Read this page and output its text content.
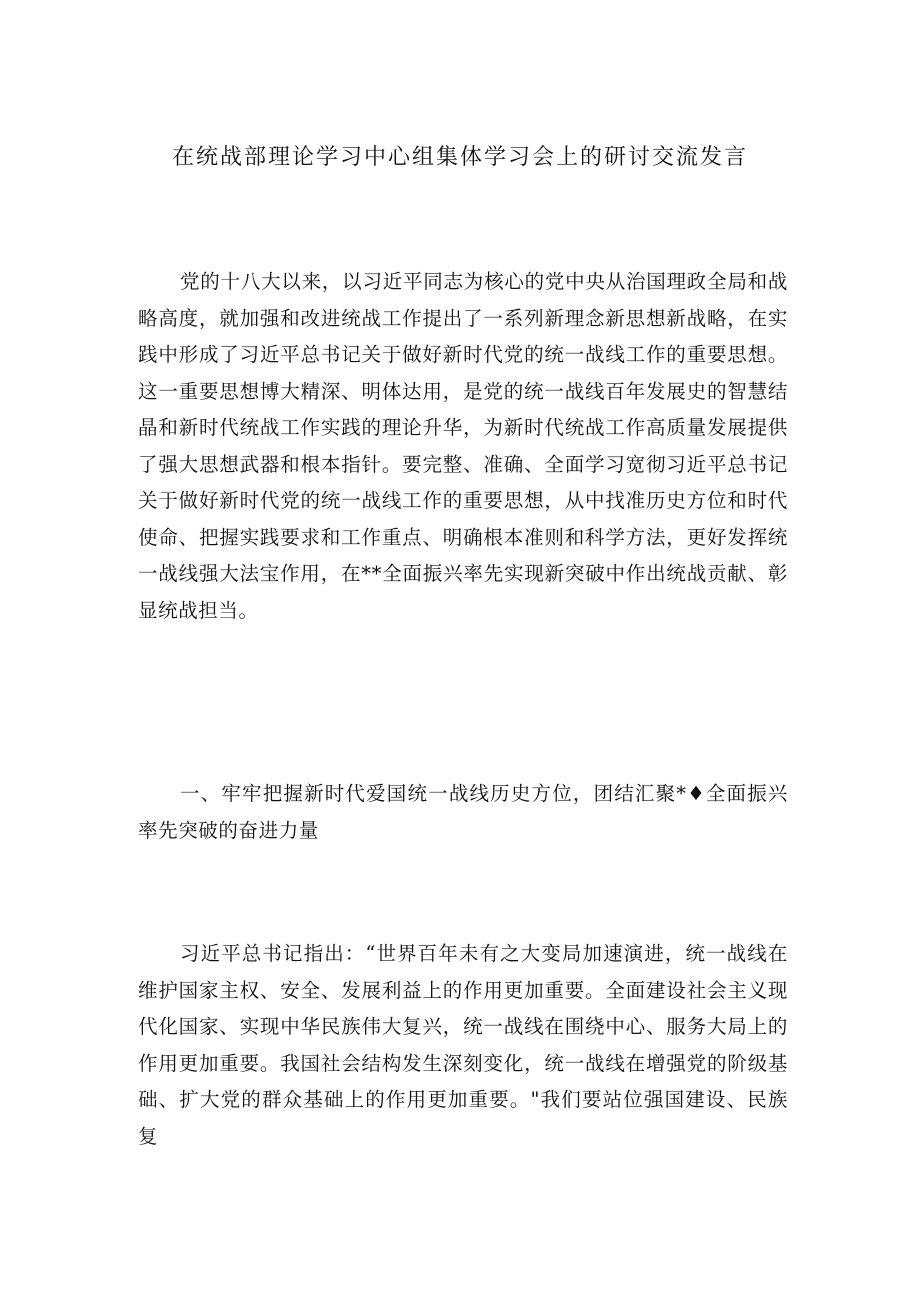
在统战部理论学习中心组集体学习会上的研讨交流发言

党的十八大以来，以习近平同志为核心的党中央从治国理政全局和战略高度，就加强和改进统战工作提出了一系列新理念新思想新战略，在实践中形成了习近平总书记关于做好新时代党的统一战线工作的重要思想。这一重要思想博大精深、明体达用，是党的统一战线百年发展史的智慧结晶和新时代统战工作实践的理论升华，为新时代统战工作高质量发展提供了强大思想武器和根本指针。要完整、准确、全面学习宽彻习近平总书记关于做好新时代党的统一战线工作的重要思想，从中找准历史方位和时代使命、把握实践要求和工作重点、明确根本准则和科学方法，更好发挥统一战线强大法宝作用，在**全面振兴率先实现新突破中作出统战贡献、彰显统战担当。

一、牢牢把握新时代爱国统一战线历史方位，团结汇聚*♦全面振兴率先突破的奋进力量

习近平总书记指出：“世界百年未有之大变局加速演进，统一战线在维护国家主权、安全、发展利益上的作用更加重要。全面建设社会主义现代化国家、实现中华民族伟大复兴，统一战线在围绕中心、服务大局上的作用更加重要。我国社会结构发生深刻变化，统一战线在增强党的阶级基础、扩大党的群众基础上的作用更加重要。"我们要站位强国建设、民族复
